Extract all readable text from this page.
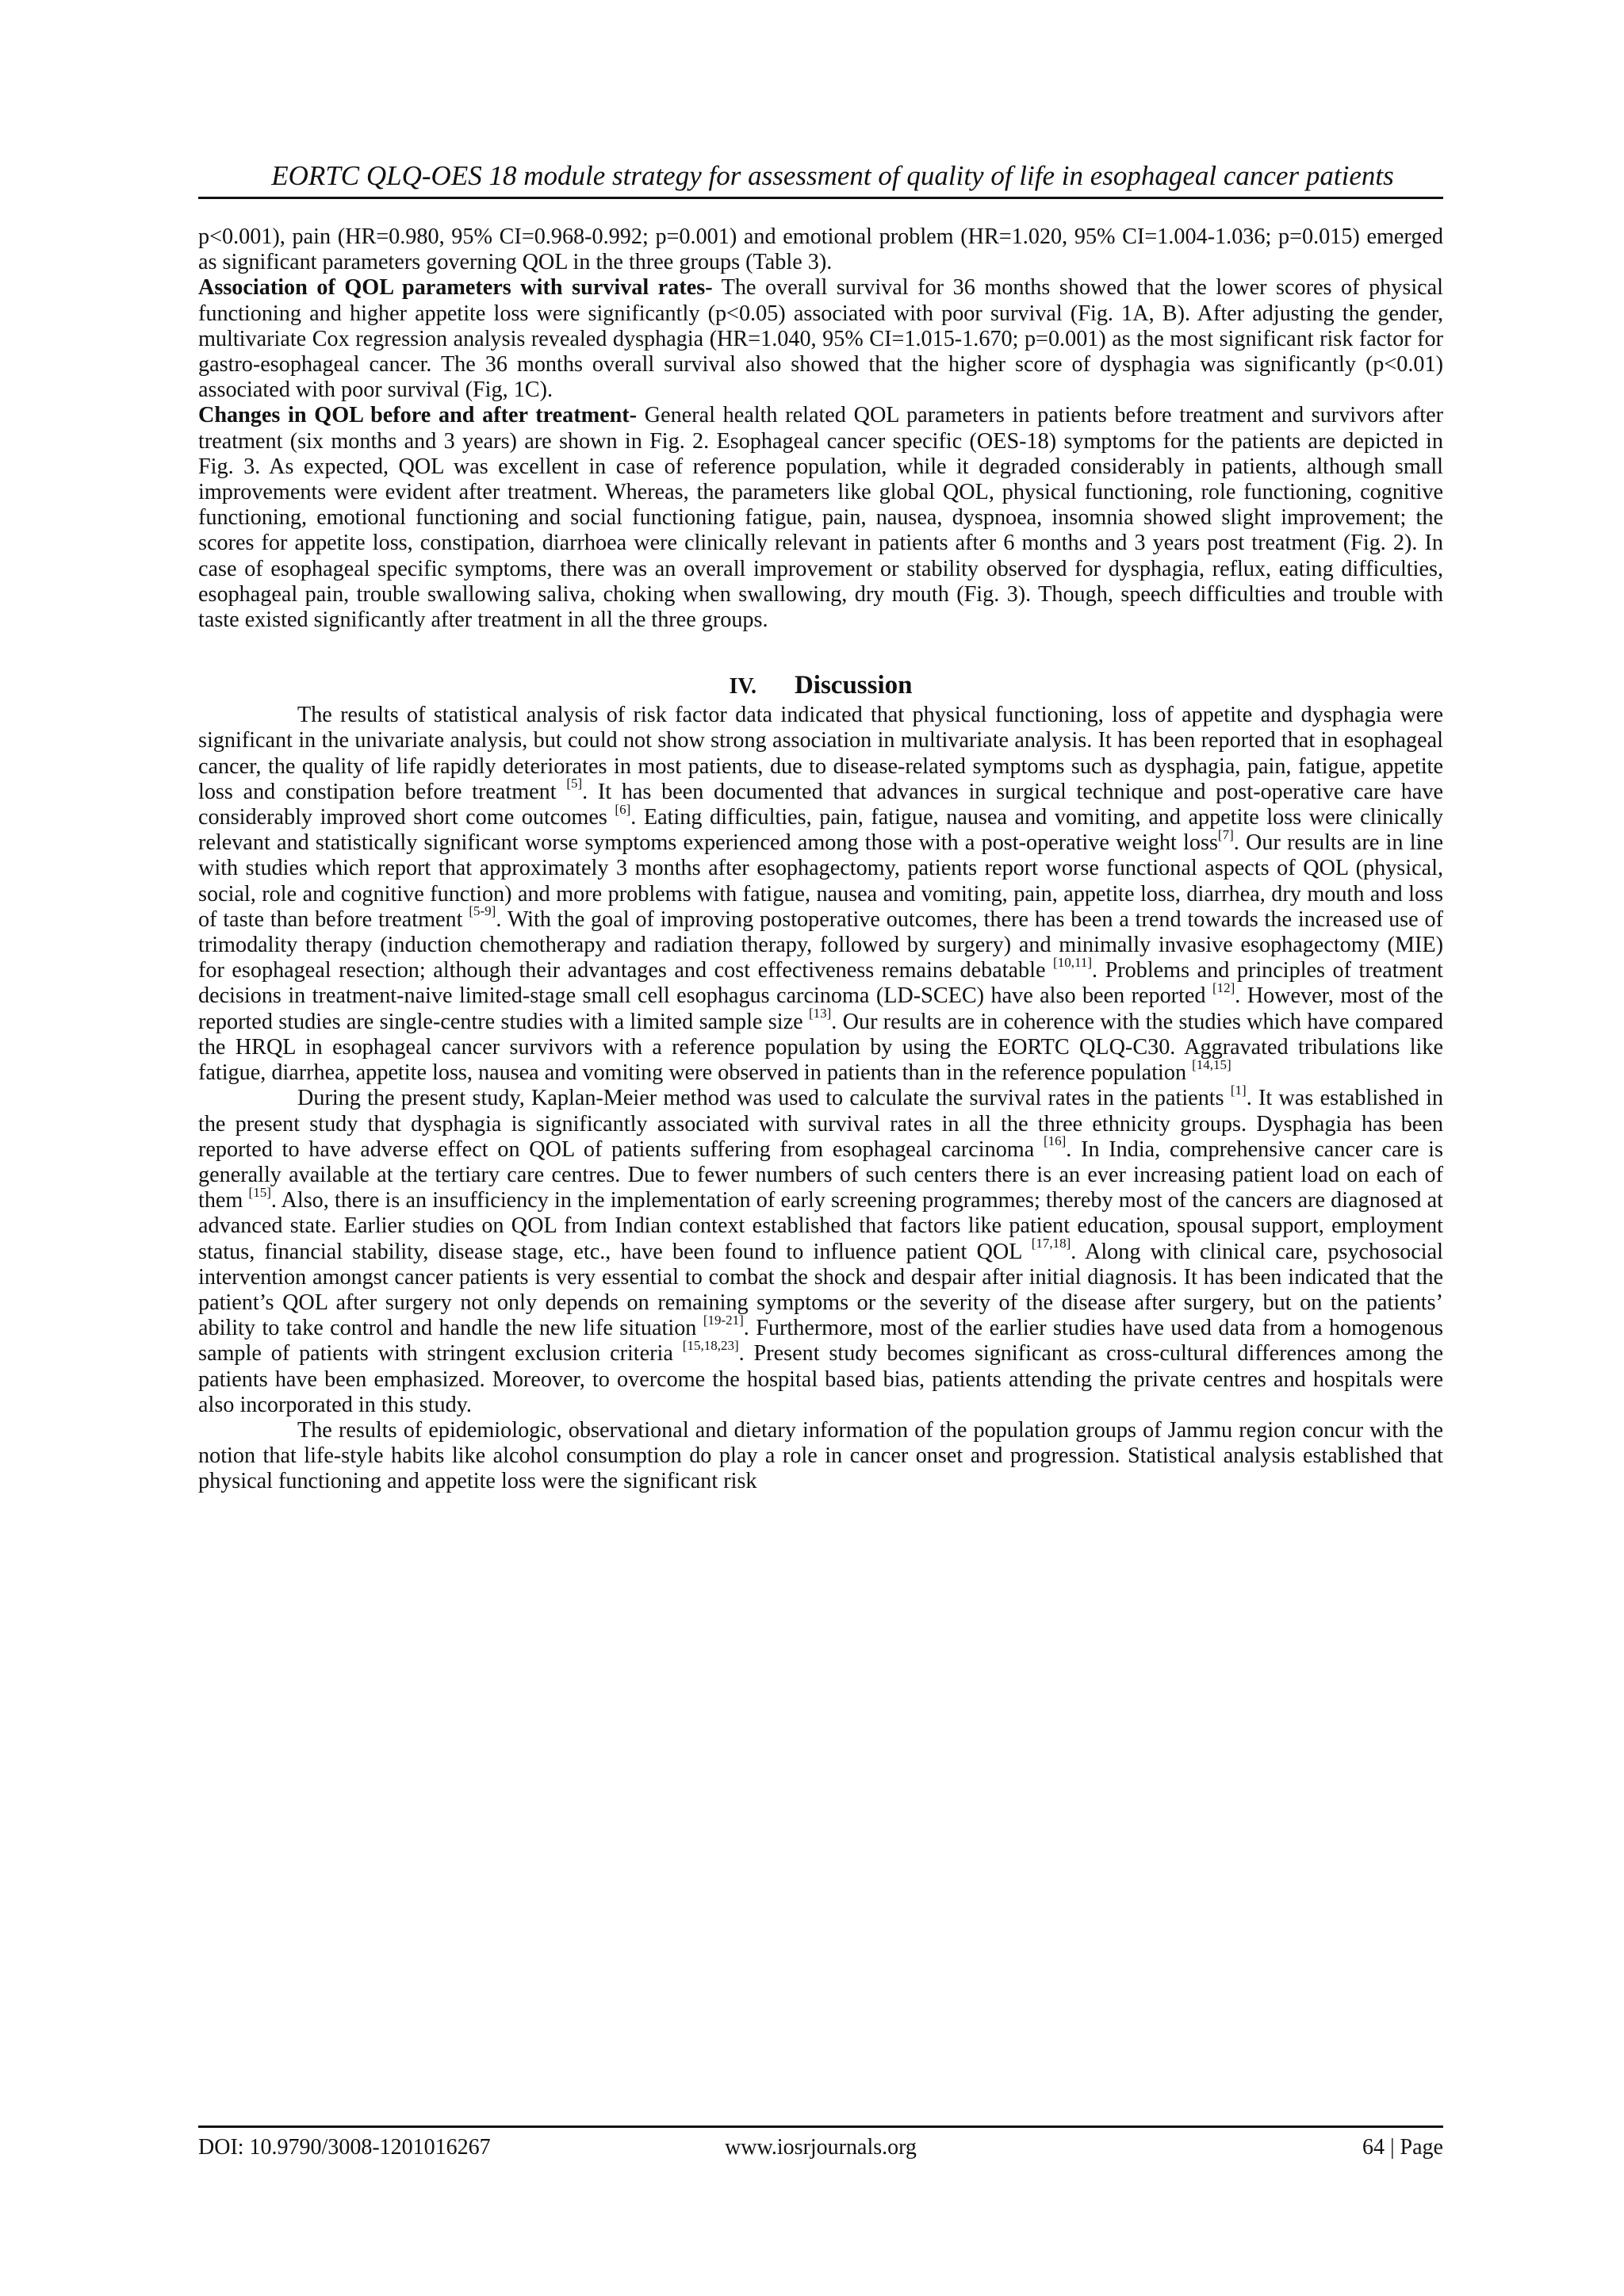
EORTC QLQ-OES 18 module strategy for assessment of quality of life in esophageal cancer patients

p<0.001), pain (HR=0.980, 95% CI=0.968-0.992; p=0.001) and emotional problem (HR=1.020, 95% CI=1.004-1.036; p=0.015) emerged as significant parameters governing QOL in the three groups (Table 3).

Association of QOL parameters with survival rates- The overall survival for 36 months showed that the lower scores of physical functioning and higher appetite loss were significantly (p<0.05) associated with poor survival (Fig. 1A, B). After adjusting the gender, multivariate Cox regression analysis revealed dysphagia (HR=1.040, 95% CI=1.015-1.670; p=0.001) as the most significant risk factor for gastro-esophageal cancer. The 36 months overall survival also showed that the higher score of dysphagia was significantly (p<0.01) associated with poor survival (Fig, 1C).

Changes in QOL before and after treatment- General health related QOL parameters in patients before treatment and survivors after treatment (six months and 3 years) are shown in Fig. 2. Esophageal cancer specific (OES-18) symptoms for the patients are depicted in Fig. 3. As expected, QOL was excellent in case of reference population, while it degraded considerably in patients, although small improvements were evident after treatment. Whereas, the parameters like global QOL, physical functioning, role functioning, cognitive functioning, emotional functioning and social functioning fatigue, pain, nausea, dyspnoea, insomnia showed slight improvement; the scores for appetite loss, constipation, diarrhoea were clinically relevant in patients after 6 months and 3 years post treatment (Fig. 2). In case of esophageal specific symptoms, there was an overall improvement or stability observed for dysphagia, reflux, eating difficulties, esophageal pain, trouble swallowing saliva, choking when swallowing, dry mouth (Fig. 3). Though, speech difficulties and trouble with taste existed significantly after treatment in all the three groups.

IV. Discussion

The results of statistical analysis of risk factor data indicated that physical functioning, loss of appetite and dysphagia were significant in the univariate analysis, but could not show strong association in multivariate analysis. It has been reported that in esophageal cancer, the quality of life rapidly deteriorates in most patients, due to disease-related symptoms such as dysphagia, pain, fatigue, appetite loss and constipation before treatment [5]. It has been documented that advances in surgical technique and post-operative care have considerably improved short come outcomes [6]. Eating difficulties, pain, fatigue, nausea and vomiting, and appetite loss were clinically relevant and statistically significant worse symptoms experienced among those with a post-operative weight loss[7]. Our results are in line with studies which report that approximately 3 months after esophagectomy, patients report worse functional aspects of QOL (physical, social, role and cognitive function) and more problems with fatigue, nausea and vomiting, pain, appetite loss, diarrhea, dry mouth and loss of taste than before treatment [5-9]. With the goal of improving postoperative outcomes, there has been a trend towards the increased use of trimodality therapy (induction chemotherapy and radiation therapy, followed by surgery) and minimally invasive esophagectomy (MIE) for esophageal resection; although their advantages and cost effectiveness remains debatable [10,11]. Problems and principles of treatment decisions in treatment-naive limited-stage small cell esophagus carcinoma (LD-SCEC) have also been reported [12]. However, most of the reported studies are single-centre studies with a limited sample size [13]. Our results are in coherence with the studies which have compared the HRQL in esophageal cancer survivors with a reference population by using the EORTC QLQ-C30. Aggravated tribulations like fatigue, diarrhea, appetite loss, nausea and vomiting were observed in patients than in the reference population [14,15]

During the present study, Kaplan-Meier method was used to calculate the survival rates in the patients [1]. It was established in the present study that dysphagia is significantly associated with survival rates in all the three ethnicity groups. Dysphagia has been reported to have adverse effect on QOL of patients suffering from esophageal carcinoma [16]. In India, comprehensive cancer care is generally available at the tertiary care centres. Due to fewer numbers of such centers there is an ever increasing patient load on each of them [15]. Also, there is an insufficiency in the implementation of early screening programmes; thereby most of the cancers are diagnosed at advanced state. Earlier studies on QOL from Indian context established that factors like patient education, spousal support, employment status, financial stability, disease stage, etc., have been found to influence patient QOL [17,18]. Along with clinical care, psychosocial intervention amongst cancer patients is very essential to combat the shock and despair after initial diagnosis. It has been indicated that the patient’s QOL after surgery not only depends on remaining symptoms or the severity of the disease after surgery, but on the patients’ ability to take control and handle the new life situation [19-21]. Furthermore, most of the earlier studies have used data from a homogenous sample of patients with stringent exclusion criteria [15,18,23]. Present study becomes significant as cross-cultural differences among the patients have been emphasized. Moreover, to overcome the hospital based bias, patients attending the private centres and hospitals were also incorporated in this study.

The results of epidemiologic, observational and dietary information of the population groups of Jammu region concur with the notion that life-style habits like alcohol consumption do play a role in cancer onset and progression. Statistical analysis established that physical functioning and appetite loss were the significant risk

www.iosrjournals.org
DOI: 10.9790/3008-1201016267	64 | Page
